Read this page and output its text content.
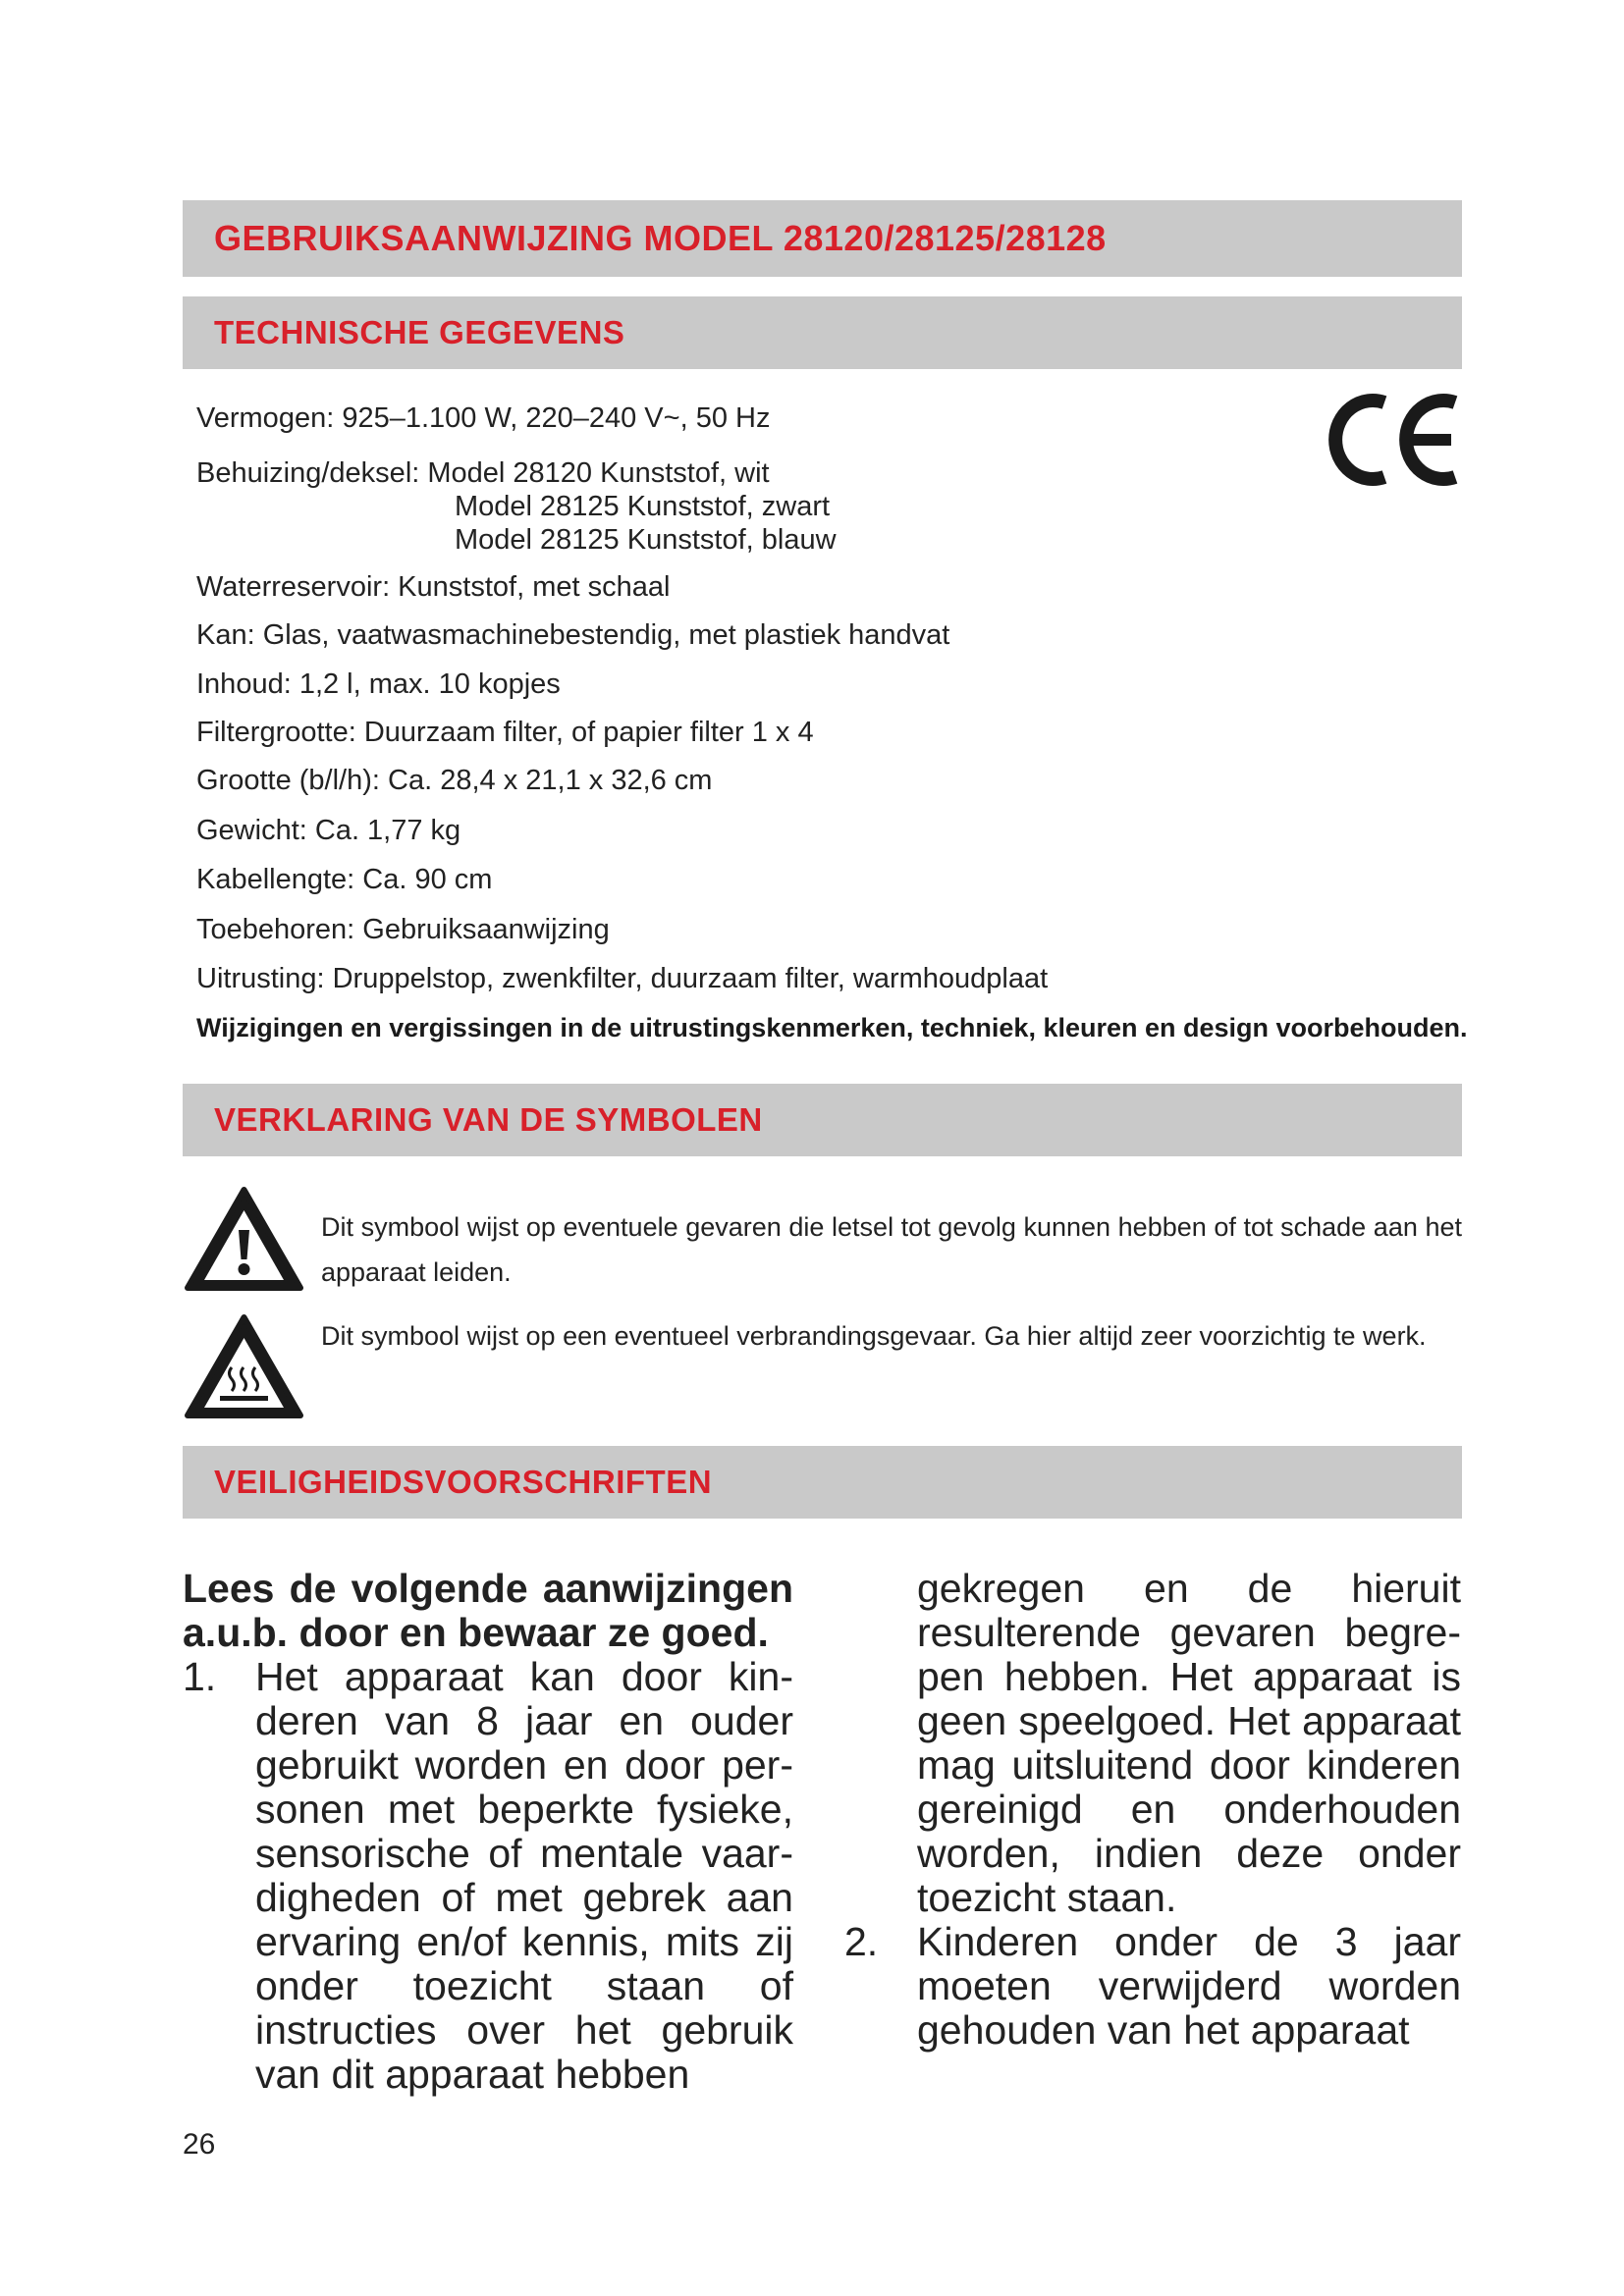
GEBRUIKSAANWIJZING MODEL 28120/28125/28128
TECHNISCHE GEGEVENS
Vermogen: 925–1.100 W, 220–240 V~, 50 Hz
Behuizing/deksel: Model 28120 Kunststof, wit
Model 28125 Kunststof, zwart
Model 28125 Kunststof, blauw
Waterreservoir: Kunststof, met schaal
Kan: Glas, vaatwasmachinebestendig, met plastiek handvat
Inhoud: 1,2 l, max. 10 kopjes
Filtergrootte: Duurzaam filter, of papier filter 1 x 4
Grootte (b/l/h): Ca. 28,4 x 21,1 x 32,6 cm
Gewicht: Ca. 1,77 kg
Kabellengte: Ca. 90 cm
Toebehoren: Gebruiksaanwijzing
Uitrusting: Druppelstop, zwenkfilter, duurzaam filter, warmhoudplaat
Wijzigingen en vergissingen in de uitrustingskenmerken, techniek, kleuren en design voorbehouden.
VERKLARING VAN DE SYMBOLEN
Dit symbool wijst op eventuele gevaren die letsel tot gevolg kunnen hebben of tot schade aan het apparaat leiden.
Dit symbool wijst op een eventueel verbrandingsgevaar. Ga hier altijd zeer voorzichtig te werk.
VEILIGHEIDSVOORSCHRIFTEN
Lees de volgende aanwijzingen
a.u.b. door en bewaar ze goed.
1. Het apparaat kan door kinderen van 8 jaar en ouder gebruikt worden en door personen met beperkte fysieke, sensorische of mentale vaardigheden of met gebrek aan ervaring en/of kennis, mits zij onder toezicht staan of instructies over het gebruik van dit apparaat hebben
gekregen en de hieruit resulterende gevaren begrepen hebben. Het apparaat is geen speelgoed. Het apparaat mag uitsluitend door kinderen gereinigd en onderhouden worden, indien deze onder toezicht staan.
2. Kinderen onder de 3 jaar moeten verwijderd worden gehouden van het apparaat
26
